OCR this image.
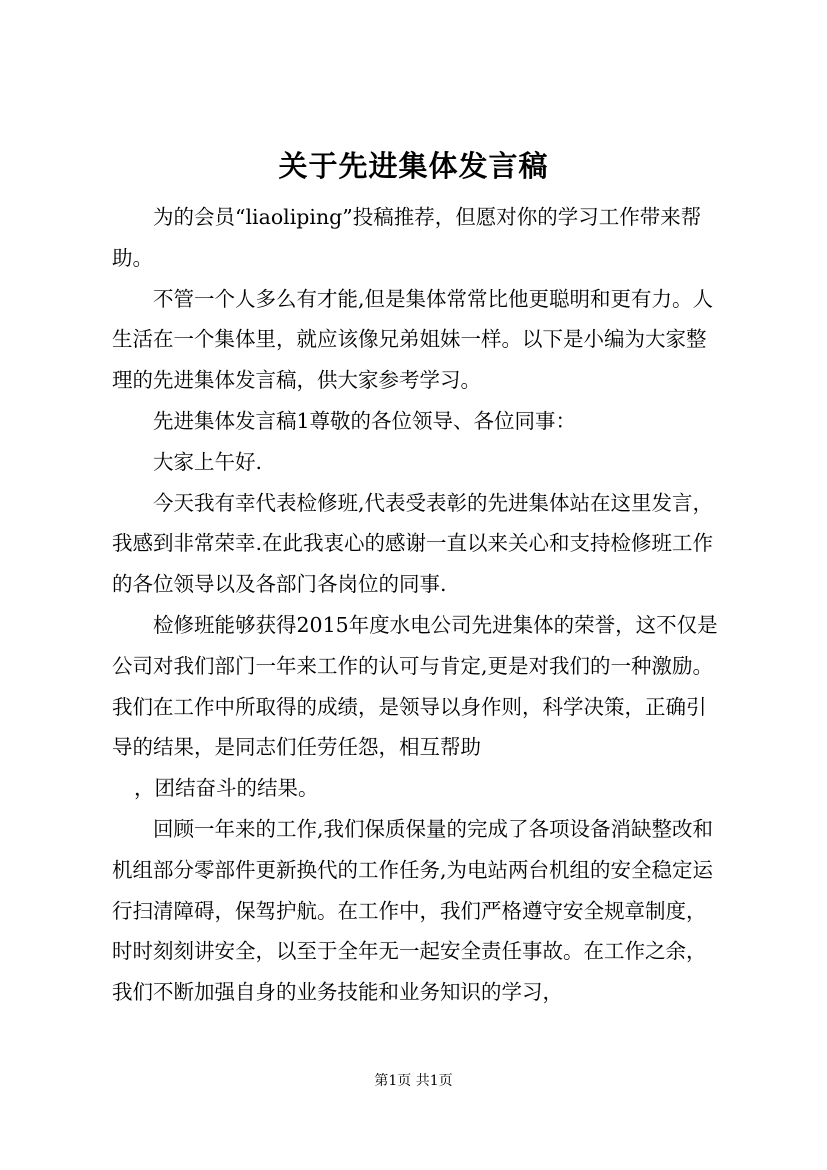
关于先进集体发言稿

为的会员“liaoliping”投稿推荐，但愿对你的学习工作带来帮助。

不管一个人多么有才能,但是集体常常比他更聪明和更有力。人生活在一个集体里，就应该像兄弟姐妹一样。以下是小编为大家整理的先进集体发言稿，供大家参考学习。

先进集体发言稿1尊敬的各位领导、各位同事：

大家上午好.

今天我有幸代表检修班,代表受表彰的先进集体站在这里发言，我感到非常荣幸.在此我衷心的感谢一直以来关心和支持检修班工作的各位领导以及各部门各岗位的同事.

检修班能够获得2015年度水电公司先进集体的荣誉，这不仅是公司对我们部门一年来工作的认可与肯定,更是对我们的一种激励。我们在工作中所取得的成绩，是领导以身作则，科学决策，正确引导的结果，是同志们任劳任怨，相互帮助

，团结奋斗的结果。

回顾一年来的工作,我们保质保量的完成了各项设备消缺整改和机组部分零部件更新换代的工作任务,为电站两台机组的安全稳定运行扫清障碍，保驾护航。在工作中，我们严格遵守安全规章制度，时时刻刻讲安全，以至于全年无一起安全责任事故。在工作之余，我们不断加强自身的业务技能和业务知识的学习，

第1页 共1页
